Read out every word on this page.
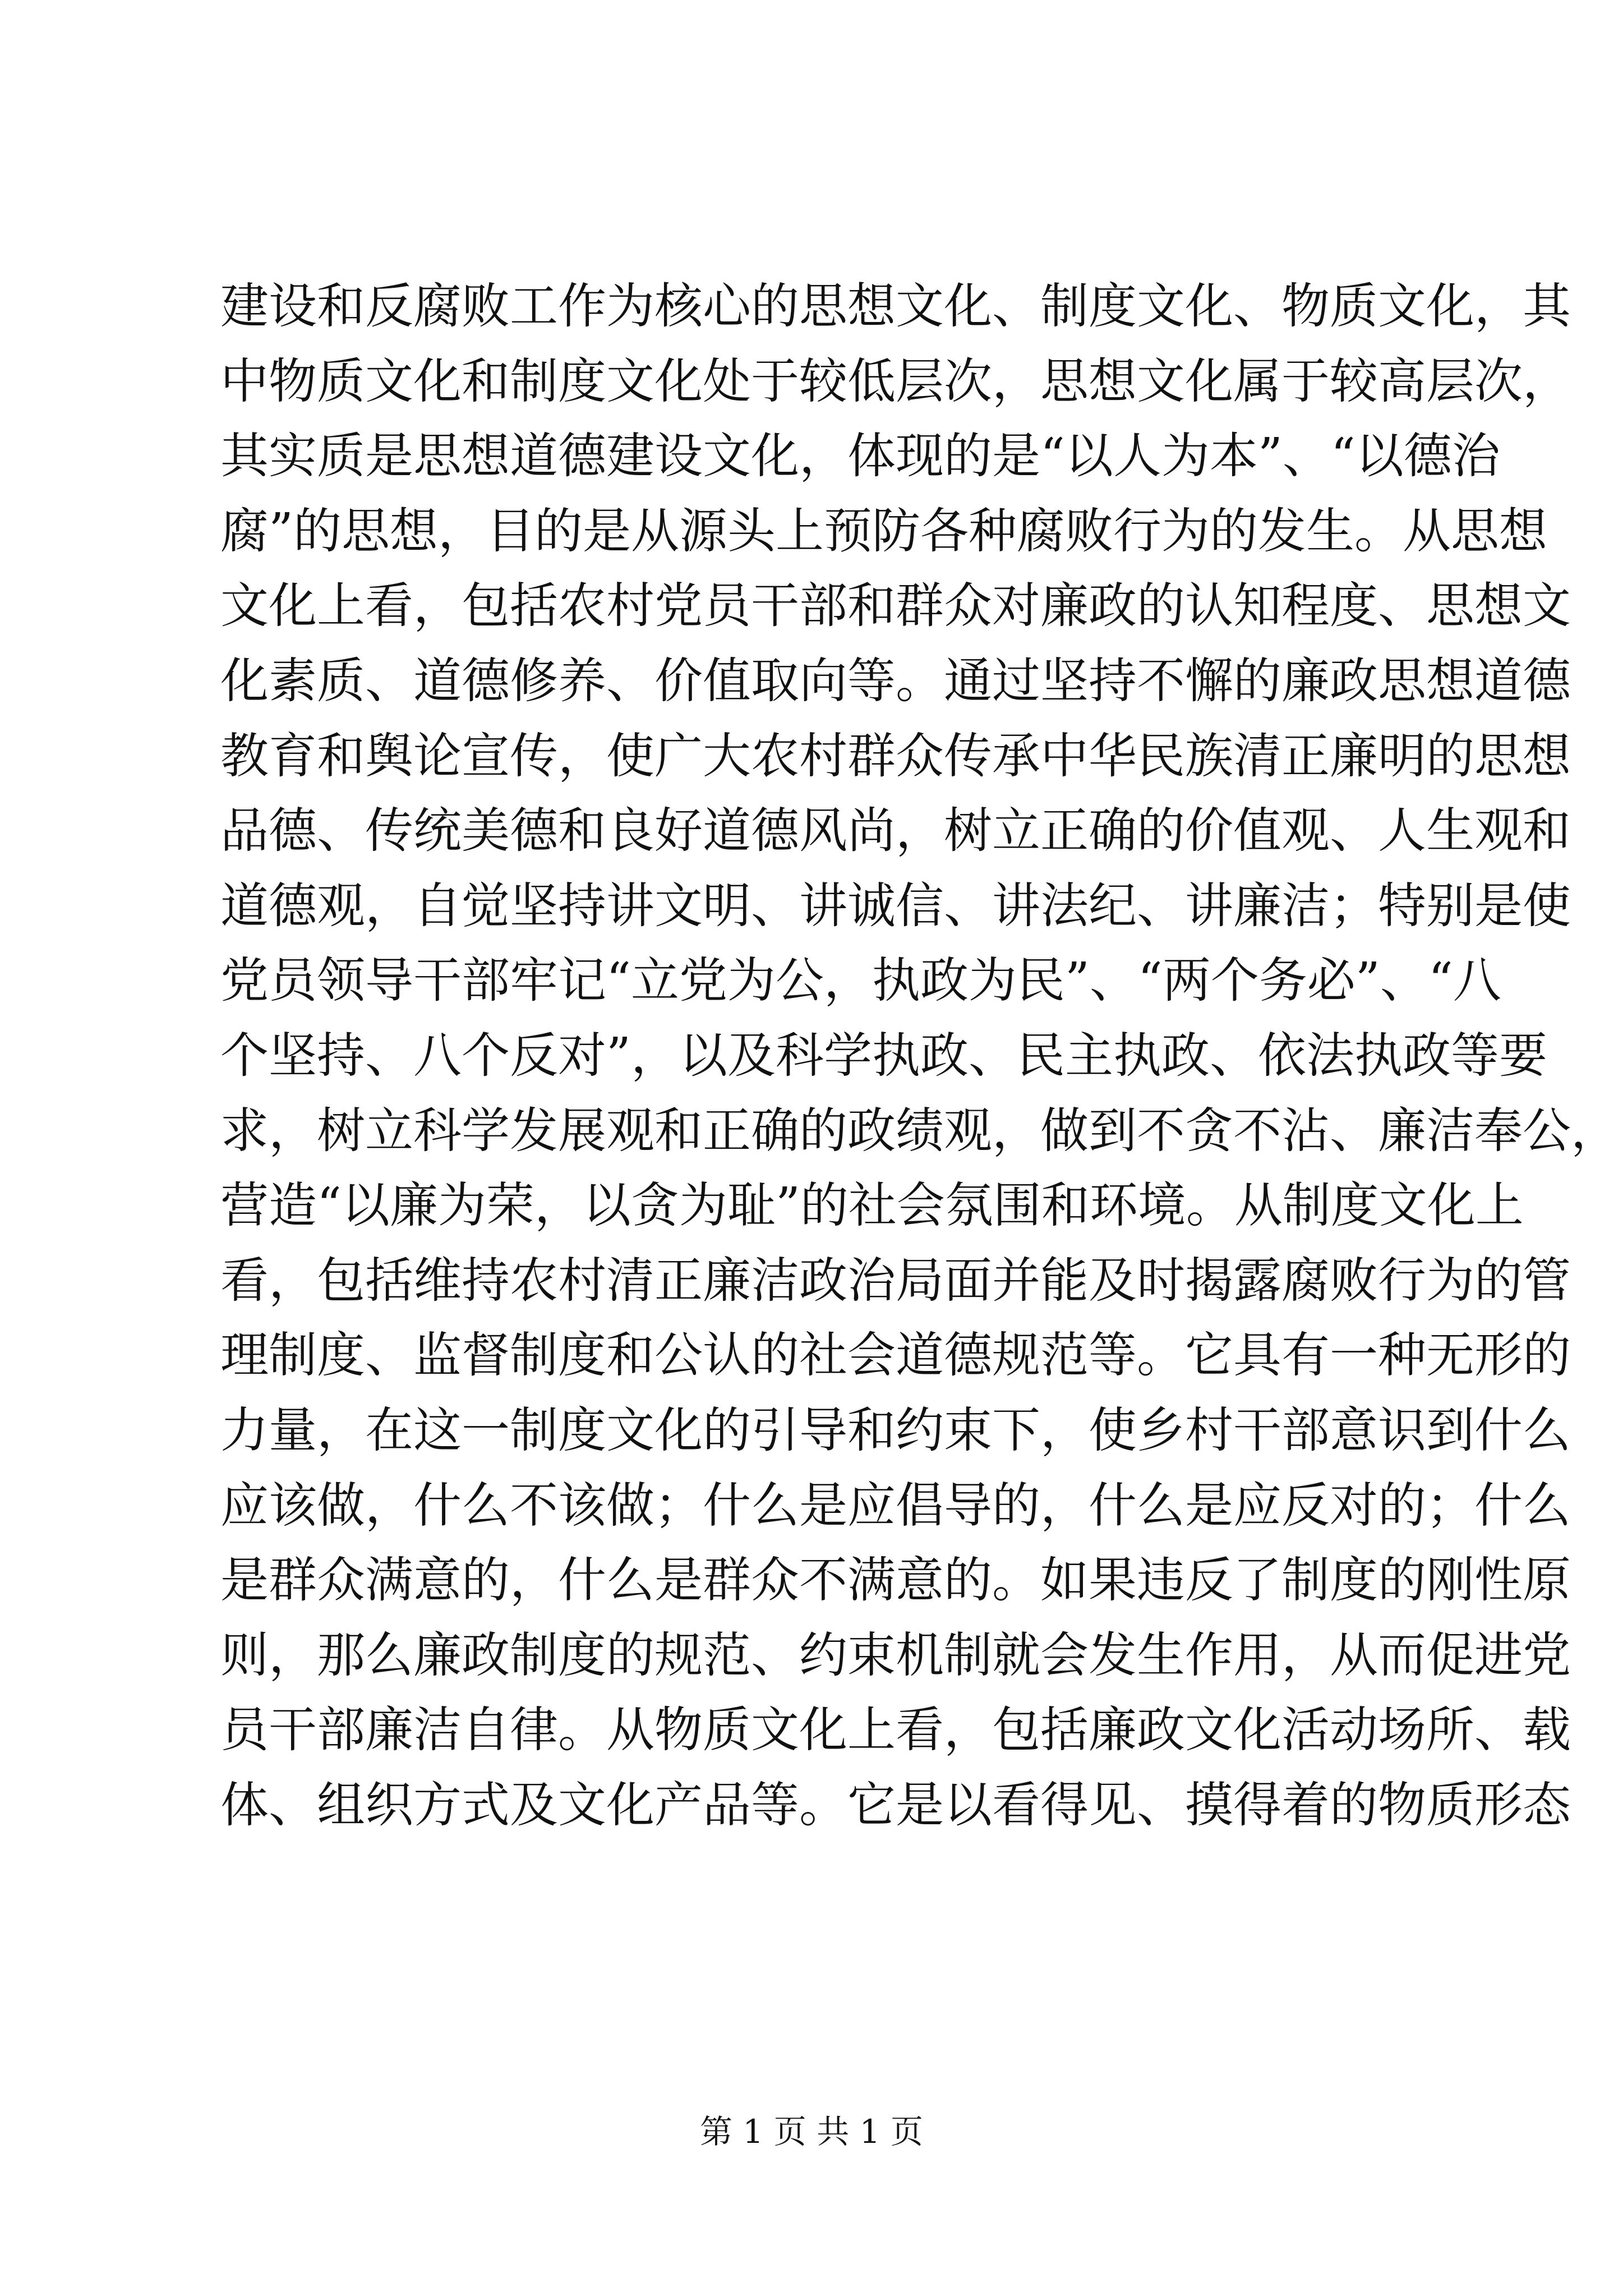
建设和反腐败工作为核心的思想文化、制度文化、物质文化，其
中物质文化和制度文化处于较低层次，思想文化属于较高层次，
其实质是思想道德建设文化，体现的是“以人为本”、“以德治
腐”的思想，目的是从源头上预防各种腐败行为的发生。从思想
文化上看，包括农村党员干部和群众对廉政的认知程度、思想文
化素质、道德修养、价值取向等。通过坚持不懈的廉政思想道德
教育和舆论宣传，使广大农村群众传承中华民族清正廉明的思想
品德、传统美德和良好道德风尚，树立正确的价值观、人生观和
道德观，自觉坚持讲文明、讲诚信、讲法纪、讲廉洁；特别是使
党员领导干部牢记“立党为公，执政为民”、“两个务必”、“八
个坚持、八个反对”，以及科学执政、民主执政、依法执政等要
求，树立科学发展观和正确的政绩观，做到不贪不沾、廉洁奉公，
营造“以廉为荣，以贪为耻”的社会氛围和环境。从制度文化上
看，包括维持农村清正廉洁政治局面并能及时揭露腐败行为的管
理制度、监督制度和公认的社会道德规范等。它具有一种无形的
力量，在这一制度文化的引导和约束下，使乡村干部意识到什么
应该做，什么不该做；什么是应倡导的，什么是应反对的；什么
是群众满意的，什么是群众不满意的。如果违反了制度的刚性原
则，那么廉政制度的规范、约束机制就会发生作用，从而促进党
员干部廉洁自律。从物质文化上看，包括廉政文化活动场所、载
体、组织方式及文化产品等。它是以看得见、摸得着的物质形态
第 1 页 共 1 页
